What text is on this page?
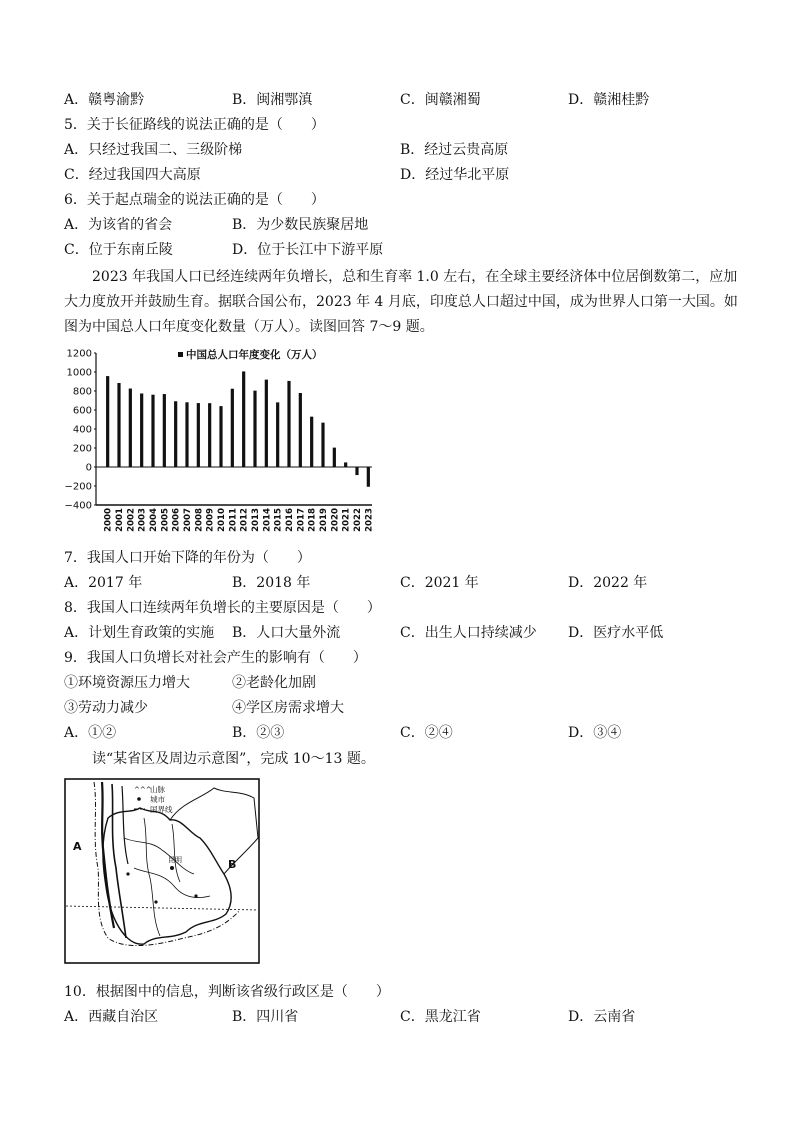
A．赣粤渝黔	B．闽湘鄂滇	C．闽赣湘蜀	D．赣湘桂黔
5．关于长征路线的说法正确的是（　　）
A．只经过我国二、三级阶梯	B．经过云贵高原
C．经过我国四大高原	D．经过华北平原
6．关于起点瑞金的说法正确的是（　　）
A．为该省的省会	B．为少数民族聚居地
C．位于东南丘陵	D．位于长江中下游平原
2023 年我国人口已经连续两年负增长，总和生育率 1.0 左右，在全球主要经济体中位居倒数第二，应加大力度放开并鼓励生育。据联合国公布，2023 年 4 月底，印度总人口超过中国，成为世界人口第一大国。如图为中国总人口年度变化数量（万人）。读图回答 7～9 题。
1200
1000
800
600
400
200
0
−200
−400
2000 2001 2002 2003 2004 2005 2006 2007 2008 2009 2010 2011 2012 2013 2014 2015 2016 2017 2018 2019 2020 2021 2022 2023
中国总人口年度变化（万人）
7．我国人口开始下降的年份为（　　）
A．2017 年	B．2018 年	C．2021 年	D．2022 年
8．我国人口连续两年负增长的主要原因是（　　）
A．计划生育政策的实施 B．人口大量外流	C．出生人口持续减少 D．医疗水平低
9．我国人口负增长对社会产生的影响有（　　）
①环境资源压力增大	②老龄化加剧
③劳动力减少	④学区房需求增大
A．①②	B．②③	C．②④	D．③④
读“某省区及周边示意图”，完成 10～13 题。
^^^
山脉
城市
国界线
A
B
昆明
10．根据图中的信息，判断该省级行政区是（　　）
A．西藏自治区	B．四川省	C．黑龙江省	D．云南省
